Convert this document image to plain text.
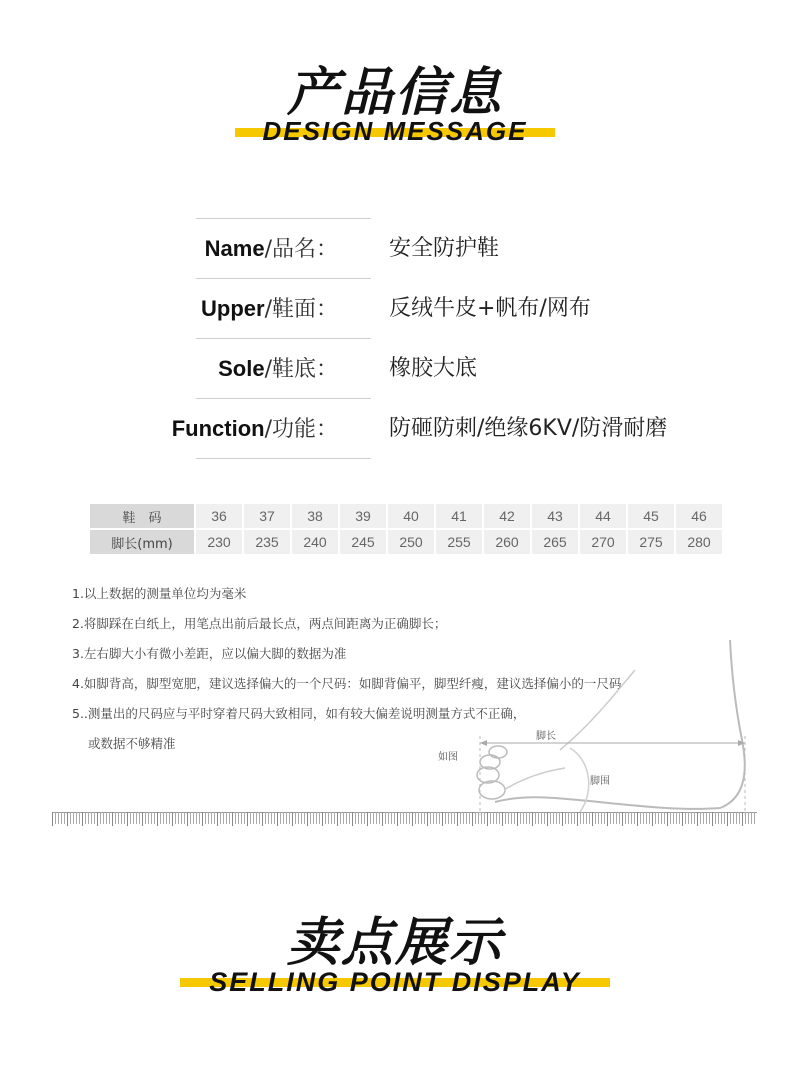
产品信息
DESIGN MESSAGE
Name/品名： 安全防护鞋
Upper/鞋面： 反绒牛皮+帆布/网布
Sole/鞋底： 橡胶大底
Function/功能： 防砸防刺/绝缘6KV/防滑耐磨
鞋　码	36	37	38	39	40	41	42	43	44	45	46
脚长(mm)	230	235	240	245	250	255	260	265	270	275	280
1.以上数据的测量单位均为毫米
2.将脚踩在白纸上，用笔点出前后最长点，两点间距离为正确脚长；
3.左右脚大小有微小差距，应以偏大脚的数据为准
4.如脚背高，脚型宽肥，建议选择偏大的一个尺码：如脚背偏平，脚型纤瘦，建议选择偏小的一尺码
5..测量出的尺码应与平时穿着尺码大致相同，如有较大偏差说明测量方式不正确，
或数据不够精准
如图
脚长
脚围
卖点展示
SELLING POINT DISPLAY
